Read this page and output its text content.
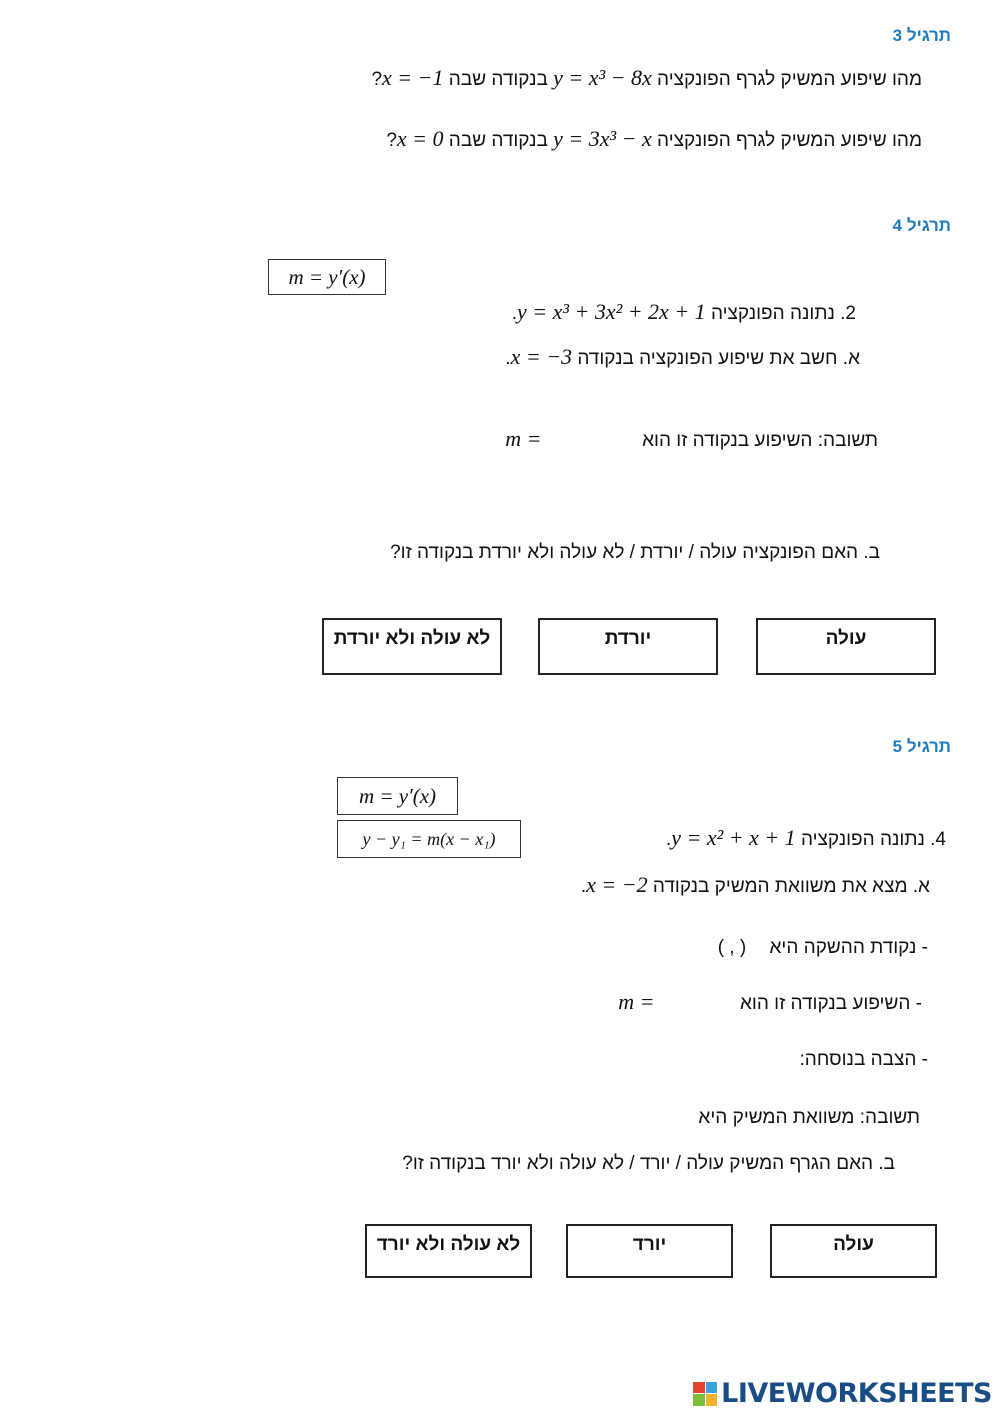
תרגיל 3
מהו שיפוע המשיק לגרף הפונקציה y = x³ − 8x בנקודה שבה x = −1?
מהו שיפוע המשיק לגרף הפונקציה y = 3x³ − x בנקודה שבה x = 0?
תרגיל 4
m = y′(x)
2. נתונה הפונקציה y = x³ + 3x² + 2x + 1.
א. חשב את שיפוע הפונקציה בנקודה x = −3.
תשובה: השיפוע בנקודה זו הוא  m =
ב. האם הפונקציה עולה / יורדת / לא עולה ולא יורדת בנקודה זו?
עולה
יורדת
לא עולה ולא יורדת
תרגיל 5
m = y′(x)
y − y₁ = m(x − x₁)	4. נתונה הפונקציה y = x² + x + 1.
א. מצא את משוואת המשיק בנקודה x = −2.
- נקודת ההשקה היא ( , )
- השיפוע בנקודה זו הוא  m =
- הצבה בנוסחה:
תשובה: משוואת המשיק היא
ב. האם הגרף המשיק עולה / יורד / לא עולה ולא יורד בנקודה זו?
עולה
יורד
לא עולה ולא יורד
LIVEWORKSHEETS
